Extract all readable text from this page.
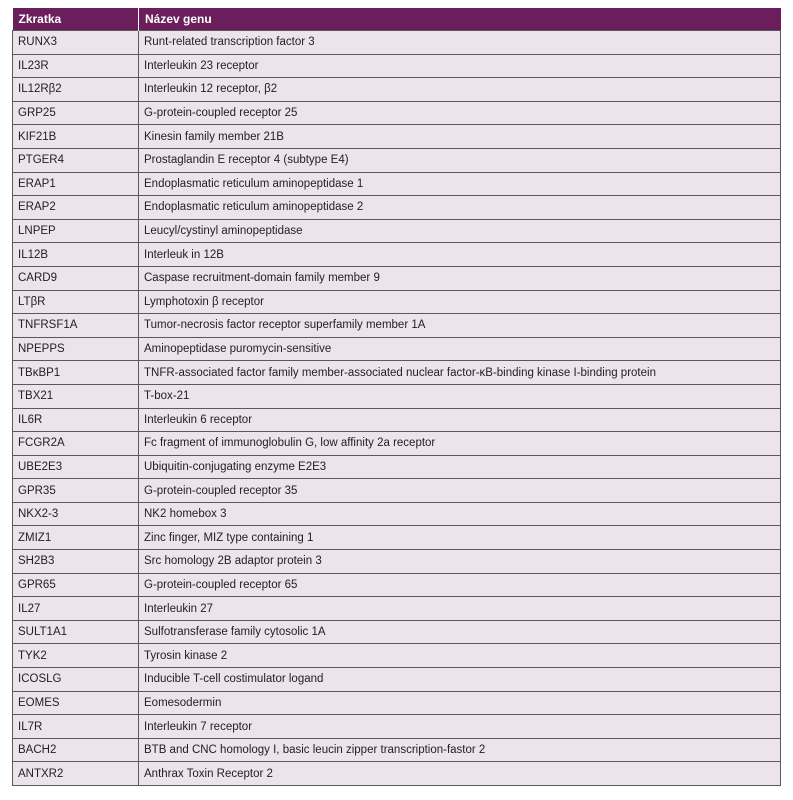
Zkratka	Název genu
RUNX3	Runt-related transcription factor 3
IL23R	Interleukin 23 receptor
IL12Rβ2	Interleukin 12 receptor, β2
GRP25	G-protein-coupled receptor 25
KIF21B	Kinesin family member 21B
PTGER4	Prostaglandin E receptor 4 (subtype E4)
ERAP1	Endoplasmatic reticulum aminopeptidase 1
ERAP2	Endoplasmatic reticulum aminopeptidase 2
LNPEP	Leucyl/cystinyl aminopeptidase
IL12B	Interleuk in 12B
CARD9	Caspase recruitment-domain family member 9
LTβR	Lymphotoxin β receptor
TNFRSF1A	Tumor-necrosis factor receptor superfamily member 1A
NPEPPS	Aminopeptidase puromycin-sensitive
TBκBP1	TNFR-associated factor family member-associated nuclear factor-κB-binding kinase I-binding protein
TBX21	T-box-21
IL6R	Interleukin 6 receptor
FCGR2A	Fc fragment of immunoglobulin G, low affinity 2a receptor
UBE2E3	Ubiquitin-conjugating enzyme E2E3
GPR35	G-protein-coupled receptor 35
NKX2-3	NK2 homebox 3
ZMIZ1	Zinc finger, MIZ type containing 1
SH2B3	Src homology 2B adaptor protein 3
GPR65	G-protein-coupled receptor 65
IL27	Interleukin 27
SULT1A1	Sulfotransferase family cytosolic 1A
TYK2	Tyrosin kinase 2
ICOSLG	Inducible T-cell costimulator logand
EOMES	Eomesodermin
IL7R	Interleukin 7 receptor
BACH2	BTB and CNC homology I, basic leucin zipper transcription-fastor 2
ANTXR2	Anthrax Toxin Receptor 2
